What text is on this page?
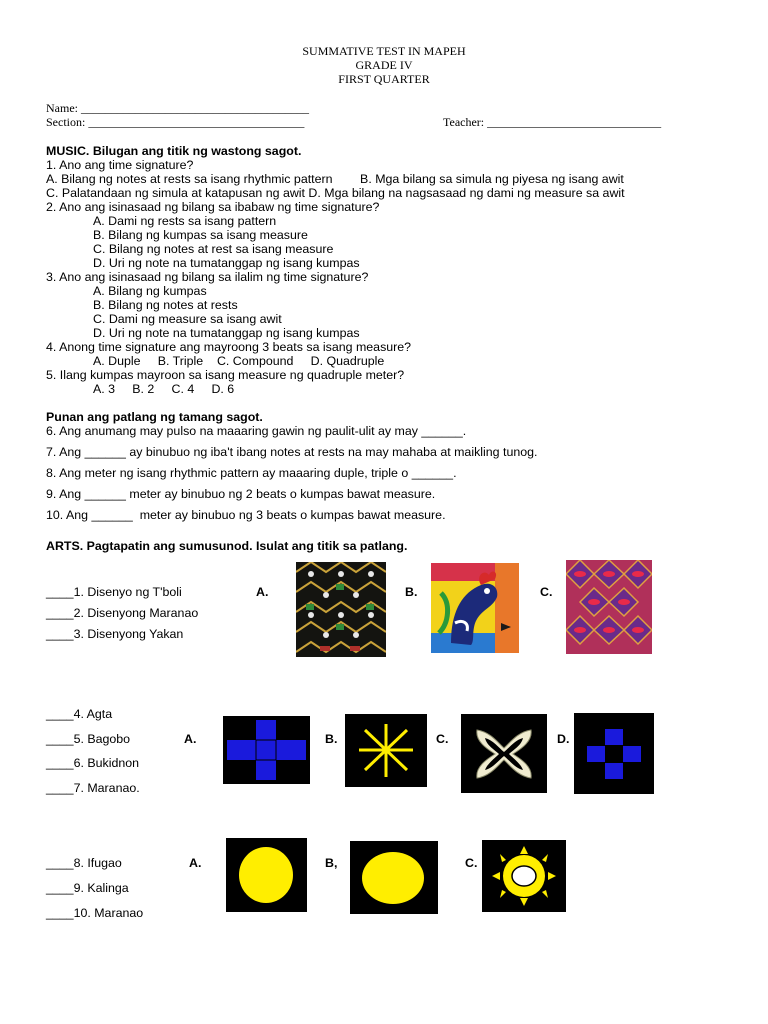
SUMMATIVE TEST IN MAPEH
GRADE IV
FIRST QUARTER
Name: ______________________________________
Section: ____________________________________	Teacher: _____________________________
MUSIC. Bilugan ang titik ng wastong sagot.
1. Ano ang time signature?
A. Bilang ng notes at rests sa isang rhythmic pattern        B. Mga bilang sa simula ng piyesa ng isang awit
C. Palatandaan ng simula at katapusan ng awit D. Mga bilang na nagsasaad ng dami ng measure sa awit
2. Ano ang isinasaad ng bilang sa ibabaw ng time signature?
A. Dami ng rests sa isang pattern
B. Bilang ng kumpas sa isang measure
C. Bilang ng notes at rest sa isang measure
D. Uri ng note na tumatanggap ng isang kumpas
3. Ano ang isinasaad ng bilang sa ilalim ng time signature?
A. Bilang ng kumpas
B. Bilang ng notes at rests
C. Dami ng measure sa isang awit
D. Uri ng note na tumatanggap ng isang kumpas
4. Anong time signature ang mayroong 3 beats sa isang measure?
A. Duple     B. Triple    C. Compound     D. Quadruple
5. Ilang kumpas mayroon sa isang measure ng quadruple meter?
A. 3     B. 2     C. 4     D. 6
Punan ang patlang ng tamang sagot.
6. Ang anumang may pulso na maaaring gawin ng paulit-ulit ay may ______.
7. Ang ______ ay binubuo ng iba't ibang notes at rests na may mahaba at maikling tunog.
8. Ang meter ng isang rhythmic pattern ay maaaring duple, triple o ______.
9. Ang ______ meter ay binubuo ng 2 beats o kumpas bawat measure.
10. Ang ______  meter ay binubuo ng 3 beats o kumpas bawat measure.
ARTS. Pagtapatin ang sumusunod. Isulat ang titik sa patlang.
____1. Disenyo ng T'boli
____2. Disenyong Maranao
____3. Disenyong Yakan
A.	B.	C.
____4. Agta
____5. Bagobo
____6. Bukidnon
____7. Maranao.
A.	B.	C.	D.
____8. Ifugao
____9. Kalinga
____10. Maranao
A.	B,	C.
